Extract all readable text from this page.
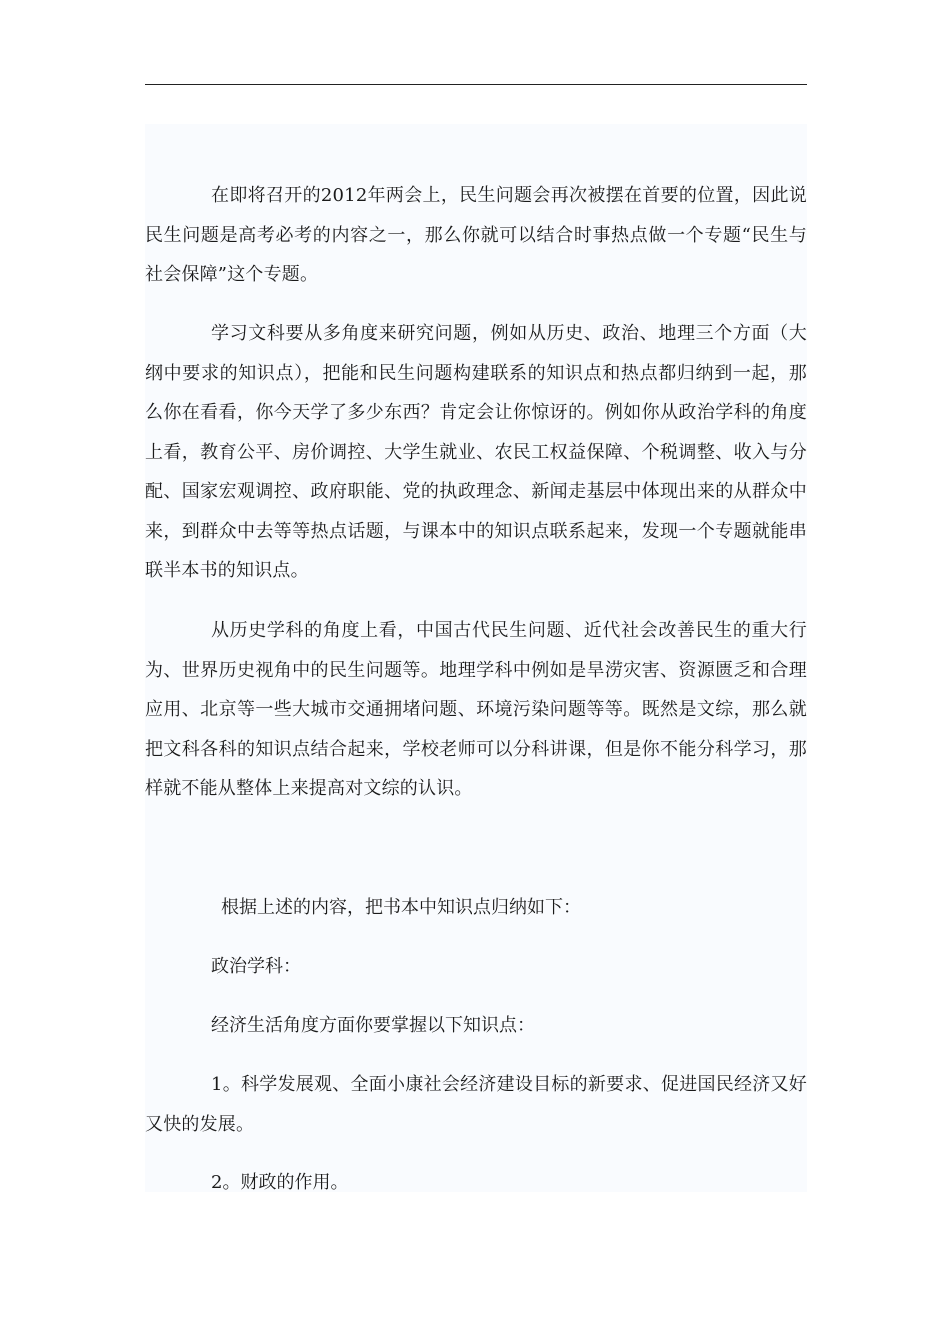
在即将召开的2012年两会上，民生问题会再次被摆在首要的位置，因此说民生问题是高考必考的内容之一，那么你就可以结合时事热点做一个专题“民生与社会保障”这个专题。

学习文科要从多角度来研究问题，例如从历史、政治、地理三个方面（大纲中要求的知识点），把能和民生问题构建联系的知识点和热点都归纳到一起，那么你在看看，你今天学了多少东西？肯定会让你惊讶的。例如你从政治学科的角度上看，教育公平、房价调控、大学生就业、农民工权益保障、个税调整、收入与分配、国家宏观调控、政府职能、党的执政理念、新闻走基层中体现出来的从群众中来，到群众中去等等热点话题，与课本中的知识点联系起来，发现一个专题就能串联半本书的知识点。

从历史学科的角度上看，中国古代民生问题、近代社会改善民生的重大行为、世界历史视角中的民生问题等。地理学科中例如是旱涝灾害、资源匮乏和合理应用、北京等一些大城市交通拥堵问题、环境污染问题等等。既然是文综，那么就把文科各科的知识点结合起来，学校老师可以分科讲课，但是你不能分科学习，那样就不能从整体上来提高对文综的认识。

根据上述的内容，把书本中知识点归纳如下：

政治学科：

经济生活角度方面你要掌握以下知识点：

1。科学发展观、全面小康社会经济建设目标的新要求、促进国民经济又好又快的发展。

2。财政的作用。
